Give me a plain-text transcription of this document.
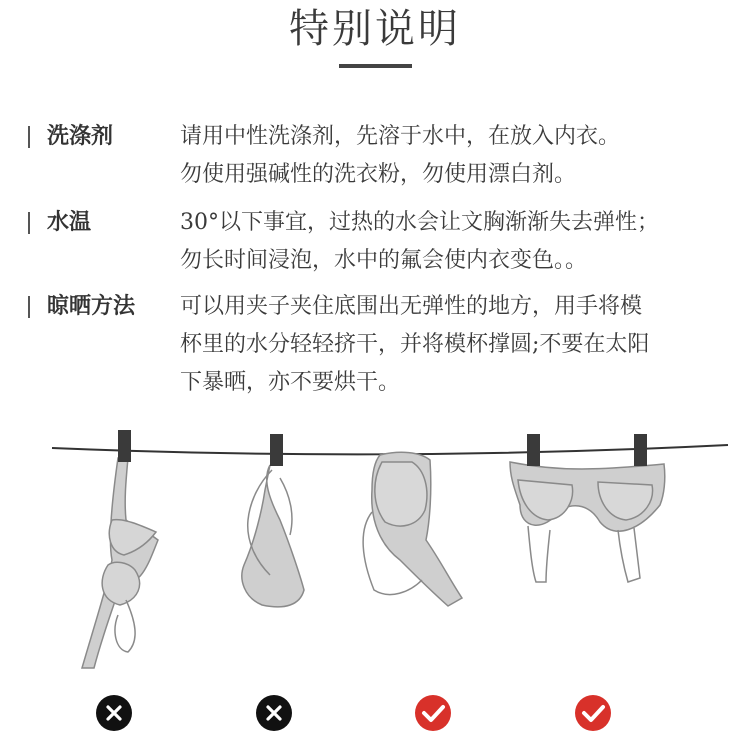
特别说明
洗涤剂	请用中性洗涤剂，先溶于水中，在放入内衣。
勿使用强碱性的洗衣粉，勿使用漂白剂。
水温	30°以下事宜，过热的水会让文胸渐渐失去弹性；
勿长时间浸泡，水中的氟会使内衣变色。。
晾晒方法 可以用夹子夹住底围出无弹性的地方，用手将模
杯里的水分轻轻挤干，并将模杯撑圆;不要在太阳
下暴晒，亦不要烘干。
